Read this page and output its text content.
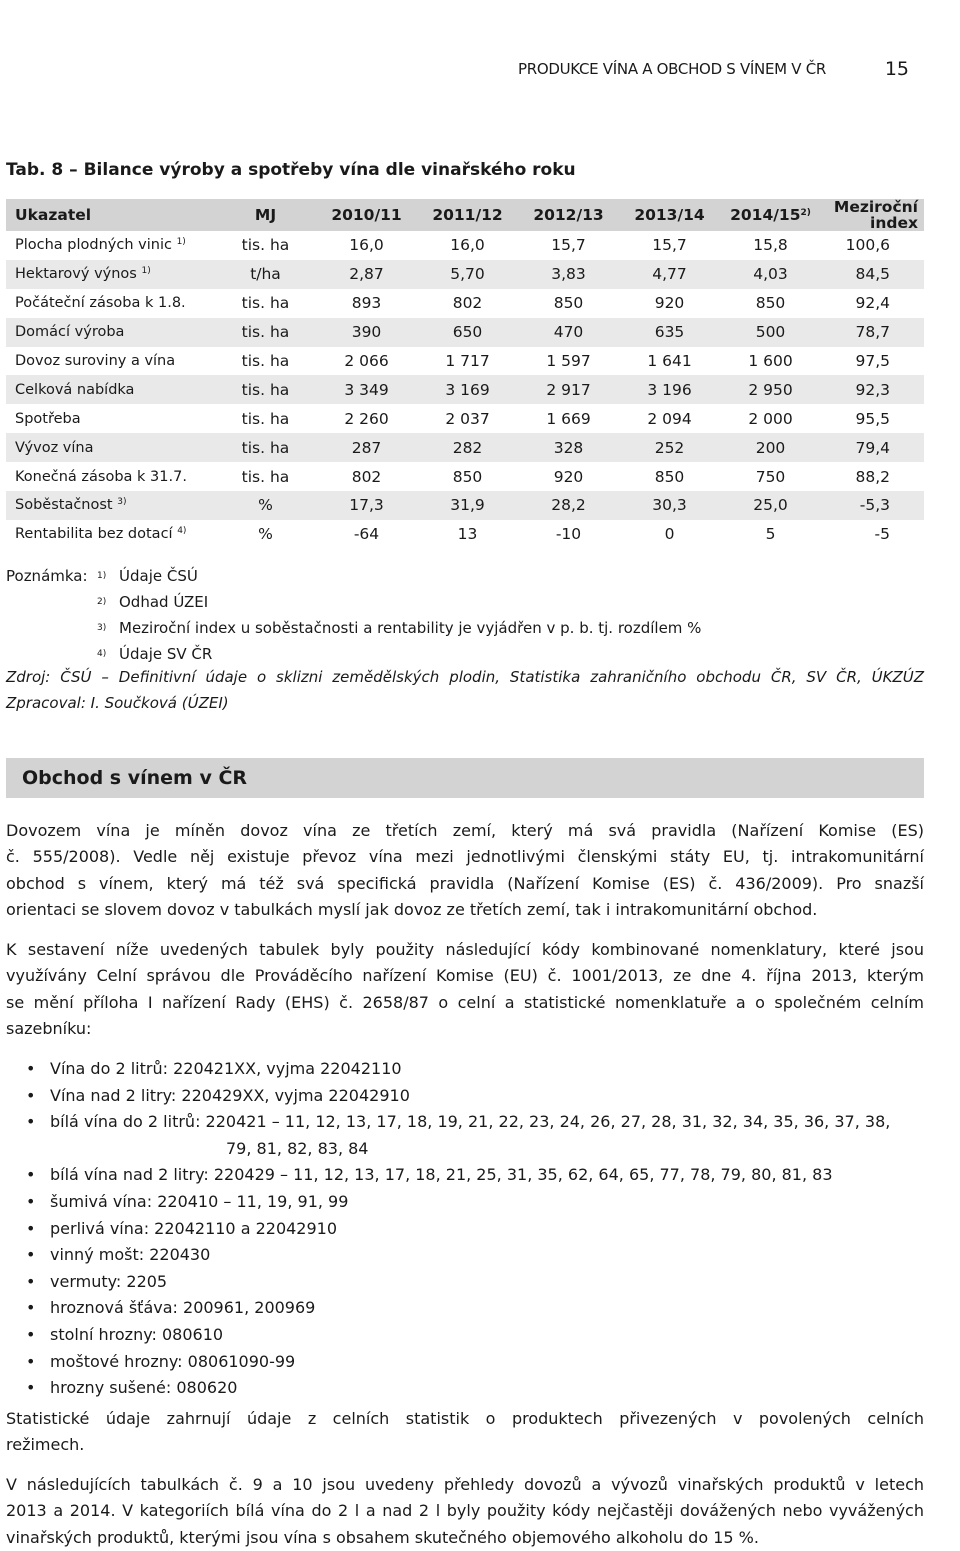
PRODUKCE VÍNA A OBCHOD S VÍNEM V ČR	15
Tab. 8 – Bilance výroby a spotřeby vína dle vinařského roku
Ukazatel	MJ	2010/11	2011/12	2012/13	2013/14	2014/15$^{2)}$	Meziroční
index

Plocha plodných vinic $^{1)}$	tis. ha	16,0	16,0	15,7	15,7	15,8	100,6
Hektarový výnos $^{1)}$	t/ha	2,87	5,70	3,83	4,77	4,03	84,5
Počáteční zásoba k 1.8.	tis. ha	893	802	850	920	850	92,4
Domácí výroba	tis. ha	390	650	470	635	500	78,7
Dovoz suroviny a vína	tis. ha	2 066	1 717	1 597	1 641	1 600	97,5
Celková nabídka	tis. ha	3 349	3 169	2 917	3 196	2 950	92,3
Spotřeba	tis. ha	2 260	2 037	1 669	2 094	2 000	95,5
Vývoz vína	tis. ha	287	282	328	252	200	79,4
Konečná zásoba k 31.7.	tis. ha	802	850	920	850	750	88,2
Soběstačnost $^{3)}$	%	17,3	31,9	28,2	30,3	25,0	-5,3
Rentabilita bez dotací $^{4)}$	%	-64	13	-10	0	5	-5
Poznámka: $^{1)}$ Údaje ČSÚ
$^{2)}$ Odhad ÚZEI
$^{3)}$ Meziroční index u soběstačnosti a rentability je vyjádřen v p. b. tj. rozdílem %
$^{4)}$ Údaje SV ČR
Zdroj: ČSÚ – Definitivní údaje o sklizni zemědělských plodin, Statistika zahraničního obchodu ČR, SV ČR, ÚKZÚZ
Zpracoval: I. Součková (ÚZEI)
Obchod s vínem v ČR
Dovozem vína je míněn dovoz vína ze třetích zemí, který má svá pravidla (Nařízení Komise (ES)
č. 555/2008). Vedle něj existuje převoz vína mezi jednotlivými členskými státy EU, tj. intrakomunitární
obchod s vínem, který má též svá specifická pravidla (Nařízení Komise (ES) č. 436/2009). Pro snazší
orientaci se slovem dovoz v tabulkách myslí jak dovoz ze třetích zemí, tak i intrakomunitární obchod.
K sestavení níže uvedených tabulek byly použity následující kódy kombinované nomenklatury, které jsou
využívány Celní správou dle Prováděcího nařízení Komise (EU) č. 1001/2013, ze dne 4. října 2013, kterým
se mění příloha I nařízení Rady (EHS) č. 2658/87 o celní a statistické nomenklatuře a o společném celním
sazebníku:
• Vína do 2 litrů: 220421XX, vyjma 22042110
• Vína nad 2 litry: 220429XX, vyjma 22042910
• bílá vína do 2 litrů: 220421 – 11, 12, 13, 17, 18, 19, 21, 22, 23, 24, 26, 27, 28, 31, 32, 34, 35, 36, 37, 38,
79, 81, 82, 83, 84
• bílá vína nad 2 litry: 220429 – 11, 12, 13, 17, 18, 21, 25, 31, 35, 62, 64, 65, 77, 78, 79, 80, 81, 83
• šumivá vína: 220410 – 11, 19, 91, 99
• perlivá vína: 22042110 a 22042910
• vinný mošt: 220430
• vermuty: 2205
• hroznová šťáva: 200961, 200969
• stolní hrozny: 080610
• moštové hrozny: 08061090-99
• hrozny sušené: 080620
Statistické údaje zahrnují údaje z celních statistik o produktech přivezených v povolených celních
režimech.
V následujících tabulkách č. 9 a 10 jsou uvedeny přehledy dovozů a vývozů vinařských produktů v letech
2013 a 2014. V kategoriích bílá vína do 2 l a nad 2 l byly použity kódy nejčastěji dovážených nebo vyvážených
vinařských produktů, kterými jsou vína s obsahem skutečného objemového alkoholu do 15 %.
